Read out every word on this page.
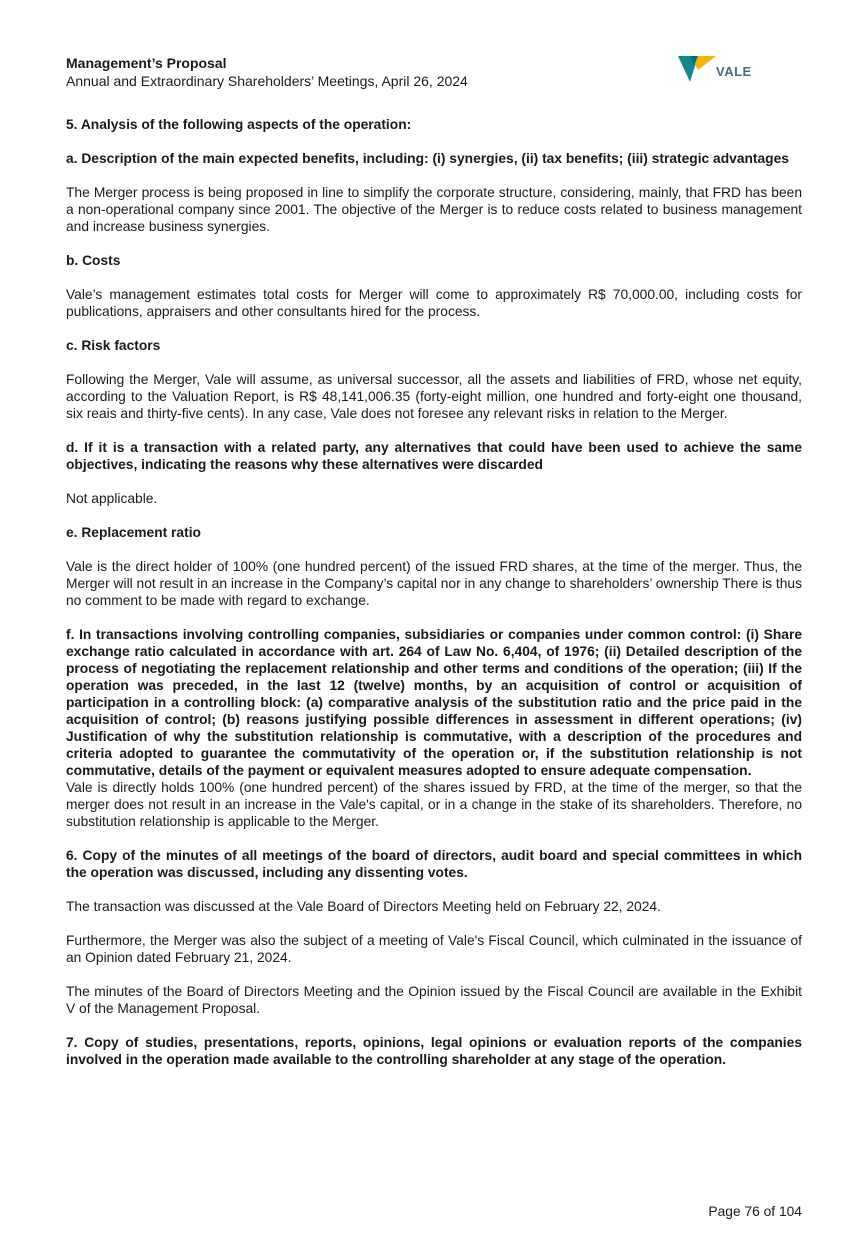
Management’s Proposal

Annual and Extraordinary Shareholders’ Meetings, April 26, 2024

VALE

5. Analysis of the following aspects of the operation:

a. Description of the main expected benefits, including: (i) synergies, (ii) tax benefits; (iii) strategic advantages

The Merger process is being proposed in line to simplify the corporate structure, considering, mainly, that FRD has been a non-operational company since 2001. The objective of the Merger is to reduce costs related to business management and increase business synergies.

b. Costs

Vale’s management estimates total costs for Merger will come to approximately R$ 70,000.00, including costs for publications, appraisers and other consultants hired for the process.

c. Risk factors

Following the Merger, Vale will assume, as universal successor, all the assets and liabilities of FRD, whose net equity, according to the Valuation Report, is R$ 48,141,006.35 (forty-eight million, one hundred and forty-eight one thousand, six reais and thirty-five cents). In any case, Vale does not foresee any relevant risks in relation to the Merger.

d. If it is a transaction with a related party, any alternatives that could have been used to achieve the same objectives, indicating the reasons why these alternatives were discarded

Not applicable.

e. Replacement ratio

Vale is the direct holder of 100% (one hundred percent) of the issued FRD shares, at the time of the merger. Thus, the Merger will not result in an increase in the Company’s capital nor in any change to shareholders’ ownership There is thus no comment to be made with regard to exchange.

f. In transactions involving controlling companies, subsidiaries or companies under common control: (i) Share exchange ratio calculated in accordance with art. 264 of Law No. 6,404, of 1976; (ii) Detailed description of the process of negotiating the replacement relationship and other terms and conditions of the operation; (iii) If the operation was preceded, in the last 12 (twelve) months, by an acquisition of control or acquisition of participation in a controlling block: (a) comparative analysis of the substitution ratio and the price paid in the acquisition of control; (b) reasons justifying possible differences in assessment in different operations; (iv) Justification of why the substitution relationship is commutative, with a description of the procedures and criteria adopted to guarantee the commutativity of the operation or, if the substitution relationship is not commutative, details of the payment or equivalent measures adopted to ensure adequate compensation.

Vale is directly holds 100% (one hundred percent) of the shares issued by FRD, at the time of the merger, so that the merger does not result in an increase in the Vale's capital, or in a change in the stake of its shareholders. Therefore, no substitution relationship is applicable to the Merger.

6. Copy of the minutes of all meetings of the board of directors, audit board and special committees in which the operation was discussed, including any dissenting votes.

The transaction was discussed at the Vale Board of Directors Meeting held on February 22, 2024.

Furthermore, the Merger was also the subject of a meeting of Vale's Fiscal Council, which culminated in the issuance of an Opinion dated February 21, 2024.

The minutes of the Board of Directors Meeting and the Opinion issued by the Fiscal Council are available in the Exhibit V of the Management Proposal.

7. Copy of studies, presentations, reports, opinions, legal opinions or evaluation reports of the companies involved in the operation made available to the controlling shareholder at any stage of the operation.

Page 76 of 104
